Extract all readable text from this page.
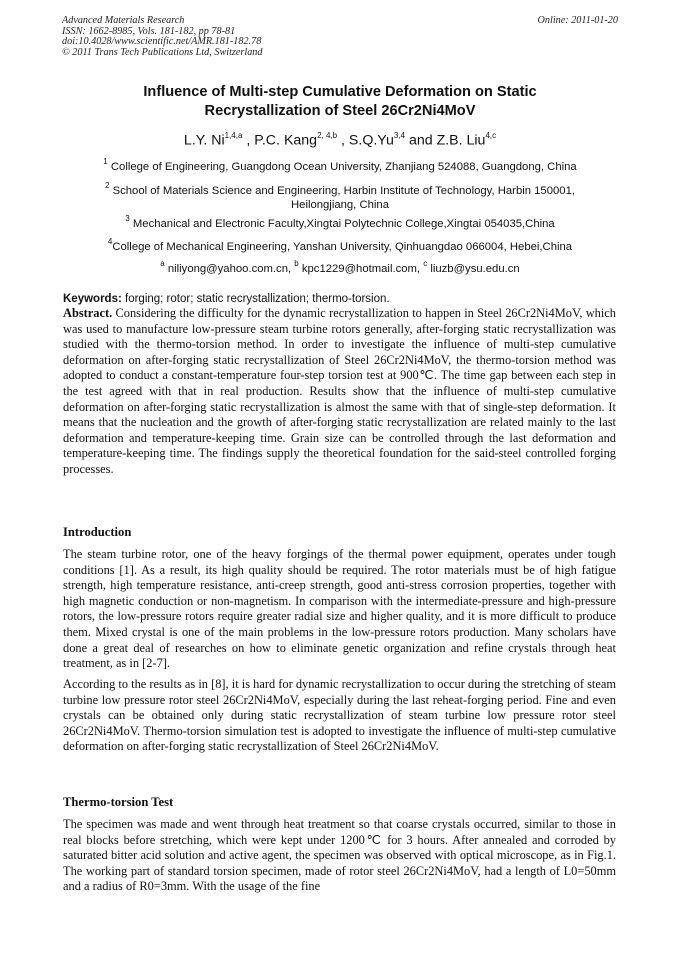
Advanced Materials Research
ISSN: 1662-8985, Vols. 181-182, pp 78-81
doi:10.4028/www.scientific.net/AMR.181-182.78
© 2011 Trans Tech Publications Ltd, Switzerland
Online: 2011-01-20
Influence of Multi-step Cumulative Deformation on Static
Recrystallization of Steel 26Cr2Ni4MoV
L.Y. Ni$^{1,4,a}$ , P.C. Kang$^{2, 4,b}$ , S.Q.Yu$^{3,4}$ and Z.B. Liu$^{4,c}$
$^1$ College of Engineering, Guangdong Ocean University, Zhanjiang 524088, Guangdong, China
$^2$ School of Materials Science and Engineering, Harbin Institute of Technology, Harbin 150001,
Heilongjiang, China
$^3$ Mechanical and Electronic Faculty,Xingtai Polytechnic College,Xingtai 054035,China
$^4$College of Mechanical Engineering, Yanshan University, Qinhuangdao 066004, Hebei,China
$^a$ niliyong@yahoo.com.cn, $^b$ kpc1229@hotmail.com, $^c$ liuzb@ysu.edu.cn
Keywords: forging; rotor; static recrystallization; thermo-torsion.
Abstract. Considering the difficulty for the dynamic recrystallization to happen in Steel 26Cr2Ni4MoV, which was used to manufacture low-pressure steam turbine rotors generally, after-forging static recrystallization was studied with the thermo-torsion method. In order to investigate the influence of multi-step cumulative deformation on after-forging static recrystallization of Steel 26Cr2Ni4MoV, the thermo-torsion method was adopted to conduct a constant-temperature four-step torsion test at 900℃. The time gap between each step in the test agreed with that in real production. Results show that the influence of multi-step cumulative deformation on after-forging static recrystallization is almost the same with that of single-step deformation. It means that the nucleation and the growth of after-forging static recrystallization are related mainly to the last deformation and temperature-keeping time. Grain size can be controlled through the last deformation and temperature-keeping time. The findings supply the theoretical foundation for the said-steel controlled forging processes.
Introduction
The steam turbine rotor, one of the heavy forgings of the thermal power equipment, operates under tough conditions [1]. As a result, its high quality should be required. The rotor materials must be of high fatigue strength, high temperature resistance, anti-creep strength, good anti-stress corrosion properties, together with high magnetic conduction or non-magnetism. In comparison with the intermediate-pressure and high-pressure rotors, the low-pressure rotors require greater radial size and higher quality, and it is more difficult to produce them. Mixed crystal is one of the main problems in the low-pressure rotors production. Many scholars have done a great deal of researches on how to eliminate genetic organization and refine crystals through heat treatment, as in [2-7].
According to the results as in [8], it is hard for dynamic recrystallization to occur during the stretching of steam turbine low pressure rotor steel 26Cr2Ni4MoV, especially during the last reheat-forging period. Fine and even crystals can be obtained only during static recrystallization of steam turbine low pressure rotor steel 26Cr2Ni4MoV. Thermo-torsion simulation test is adopted to investigate the influence of multi-step cumulative deformation on after-forging static recrystallization of Steel 26Cr2Ni4MoV.
Thermo-torsion Test
The specimen was made and went through heat treatment so that coarse crystals occurred, similar to those in real blocks before stretching, which were kept under 1200℃ for 3 hours. After annealed and corroded by saturated bitter acid solution and active agent, the specimen was observed with optical microscope, as in Fig.1. The working part of standard torsion specimen, made of rotor steel 26Cr2Ni4MoV, had a length of L0=50mm and a radius of R0=3mm. With the usage of the fine
